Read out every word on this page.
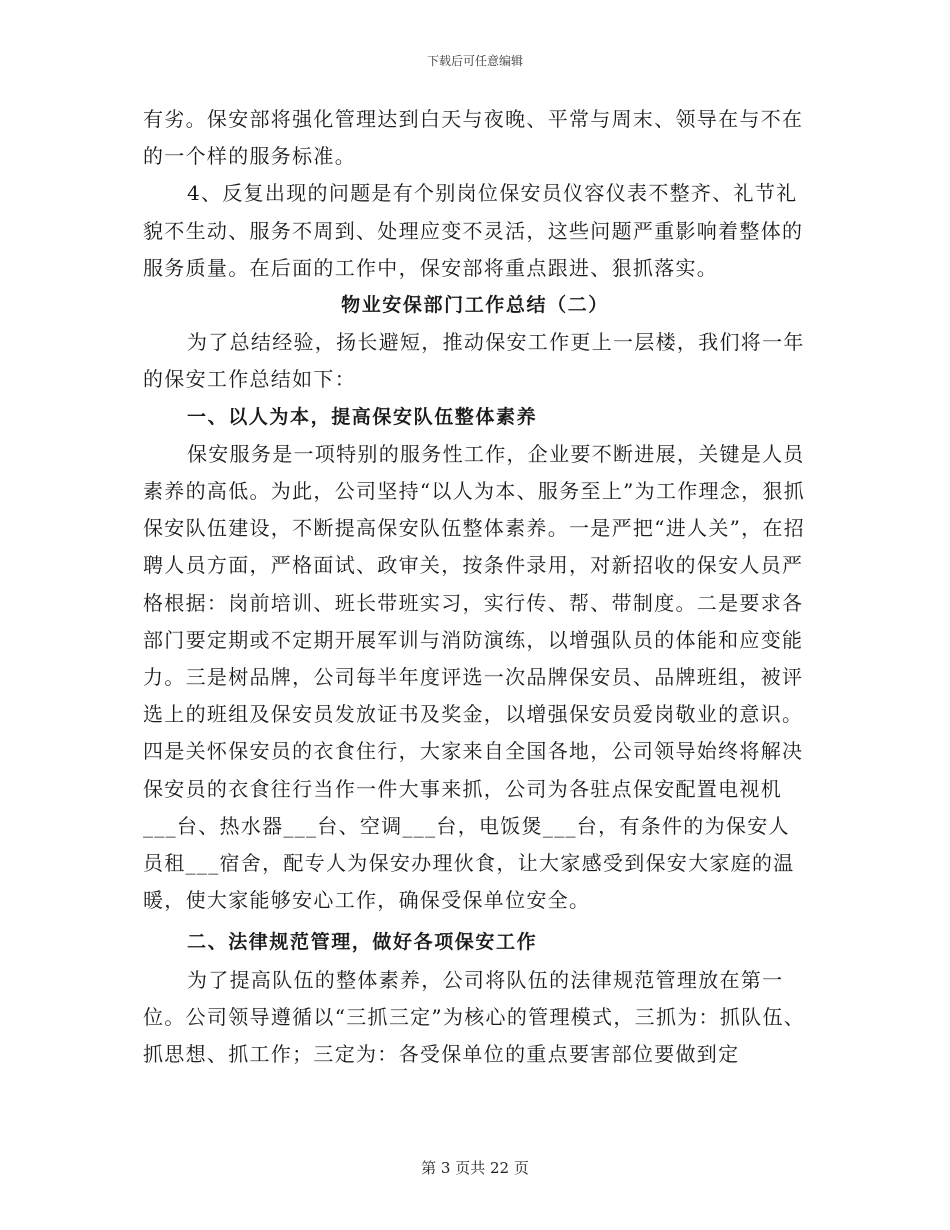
下载后可任意编辑

有劣。保安部将强化管理达到白天与夜晚、平常与周末、领导在与不在的一个样的服务标准。

4、反复出现的问题是有个别岗位保安员仪容仪表不整齐、礼节礼貌不生动、服务不周到、处理应变不灵活，这些问题严重影响着整体的服务质量。在后面的工作中，保安部将重点跟进、狠抓落实。

物业安保部门工作总结（二）

为了总结经验，扬长避短，推动保安工作更上一层楼，我们将一年的保安工作总结如下：

一、以人为本，提高保安队伍整体素养

保安服务是一项特别的服务性工作，企业要不断进展，关键是人员素养的高低。为此，公司坚持“以人为本、服务至上”为工作理念，狠抓保安队伍建设，不断提高保安队伍整体素养。一是严把“进人关”，在招聘人员方面，严格面试、政审关，按条件录用，对新招收的保安人员严格根据：岗前培训、班长带班实习，实行传、帮、带制度。二是要求各部门要定期或不定期开展军训与消防演练，以增强队员的体能和应变能力。三是树品牌，公司每半年度评选一次品牌保安员、品牌班组，被评选上的班组及保安员发放证书及奖金，以增强保安员爱岗敬业的意识。四是关怀保安员的衣食住行，大家来自全国各地，公司领导始终将解决保安员的衣食往行当作一件大事来抓，公司为各驻点保安配置电视机___台、热水器___台、空调___台，电饭煲___台，有条件的为保安人员租___宿舍，配专人为保安办理伙食，让大家感受到保安大家庭的温暖，使大家能够安心工作，确保受保单位安全。

二、法律规范管理，做好各项保安工作

为了提高队伍的整体素养，公司将队伍的法律规范管理放在第一位。公司领导遵循以“三抓三定”为核心的管理模式，三抓为：抓队伍、抓思想、抓工作；三定为：各受保单位的重点要害部位要做到定

第 3 页共 22 页
